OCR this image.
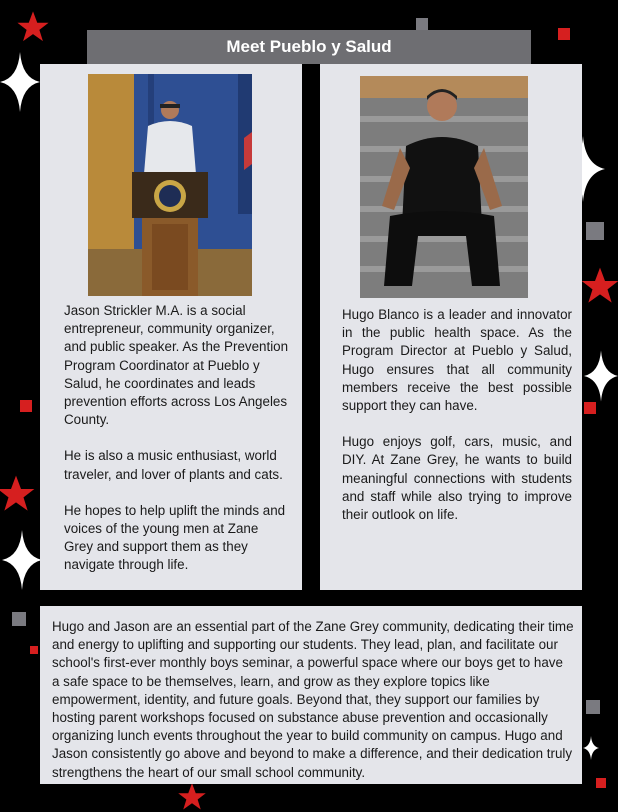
Meet Pueblo y Salud

Jason Strickler M.A. is a social entrepreneur, community organizer, and public speaker. As the Prevention Program Coordinator at Pueblo y Salud, he coordinates and leads prevention efforts across Los Angeles County.

He is also a music enthusiast, world traveler, and lover of plants and cats.

He hopes to help uplift the minds and voices of the young men at Zane Grey and support them as they navigate through life.

Hugo Blanco is a leader and innovator in the public health space. As the Program Director at Pueblo y Salud, Hugo ensures that all community members receive the best possible support they can have.

Hugo enjoys golf, cars, music, and DIY. At Zane Grey, he wants to build meaningful connections with students and staff while also trying to improve their outlook on life.

Hugo and Jason are an essential part of the Zane Grey community, dedicating their time and energy to uplifting and supporting our students. They lead, plan, and facilitate our school's first-ever monthly boys seminar, a powerful space where our boys get to have a safe space to be themselves, learn, and grow as they explore topics like empowerment, identity, and future goals. Beyond that, they support our families by hosting parent workshops focused on substance abuse prevention and occasionally organizing lunch events throughout the year to build community on campus. Hugo and Jason consistently go above and beyond to make a difference, and their dedication truly strengthens the heart of our small school community.
